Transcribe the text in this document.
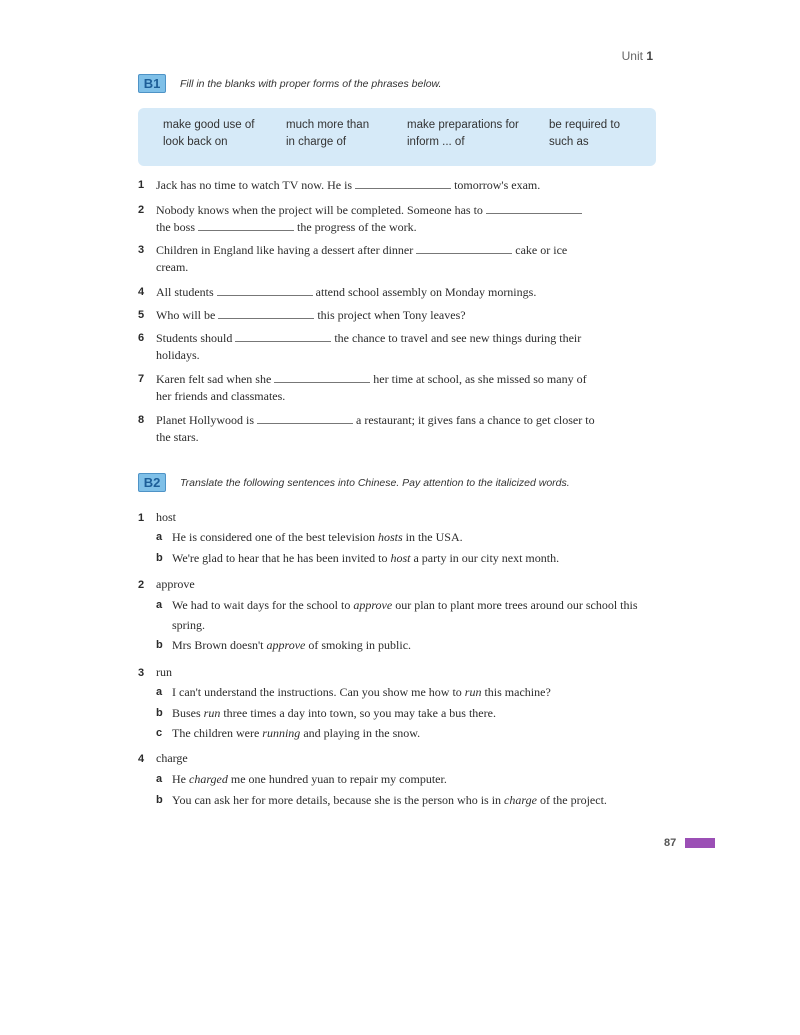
Unit 1
B1	Fill in the blanks with proper forms of the phrases below.
make good use of	much more than	make preparations for	be required to
look back on	in charge of	inform ... of	such as
1 Jack has no time to watch TV now. He is	tomorrow's exam.
2 Nobody knows when the project will be completed. Someone has to
the boss	the progress of the work.
3 Children in England like having a dessert after dinner	cake or ice
cream.
4 All students	attend school assembly on Monday mornings.
5 Who will be	this project when Tony leaves?
6 Students should	the chance to travel and see new things during their
holidays.
7 Karen felt sad when she	her time at school, as she missed so many of
her friends and classmates.
8 Planet Hollywood is	a restaurant; it gives fans a chance to get closer to
the stars.
B2	Translate the following sentences into Chinese. Pay attention to the italicized words.
1 host
a He is considered one of the best television hosts in the USA.
b We're glad to hear that he has been invited to host a party in our city next month.
2 approve
a We had to wait days for the school to approve our plan to plant more trees around our school this spring.
b Mrs Brown doesn't approve of smoking in public.
3 run
a I can't understand the instructions. Can you show me how to run this machine?
b Buses run three times a day into town, so you may take a bus there.
c The children were running and playing in the snow.
4 charge
a He charged me one hundred yuan to repair my computer.
b You can ask her for more details, because she is the person who is in charge of the project.
87
